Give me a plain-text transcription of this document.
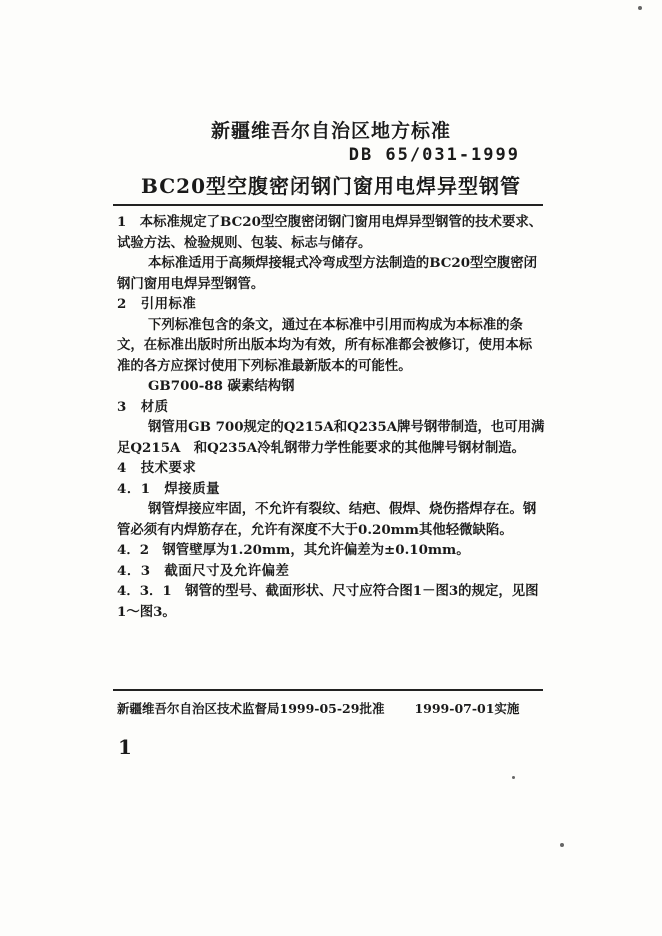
新疆维吾尔自治区地方标准
DB 65/031-1999
BC20型空腹密闭钢门窗用电焊异型钢管

1　本标准规定了BC20型空腹密闭钢门窗用电焊异型钢管的技术要求、试验方法、检验规则、包装、标志与储存。

本标准适用于高频焊接辊式冷弯成型方法制造的BC20型空腹密闭钢门窗用电焊异型钢管。

2　引用标准

下列标准包含的条文，通过在本标准中引用而构成为本标准的条文，在标准出版时所出版本均为有效，所有标准都会被修订，使用本标准的各方应探讨使用下列标准最新版本的可能性。

GB700-88 碳素结构钢

3　材质

钢管用GB 700规定的Q215A和Q235A牌号钢带制造，也可用满足Q215A　和Q235A冷轧钢带力学性能要求的其他牌号钢材制造。

4　技术要求

4．1　焊接质量

钢管焊接应牢固，不允许有裂纹、结疤、假焊、烧伤搭焊存在。钢管必须有内焊筋存在，允许有深度不大于0.20mm其他轻微缺陷。

4．2　钢管壁厚为1.20mm，其允许偏差为±0.10mm。

4．3　截面尺寸及允许偏差

4．3．1　钢管的型号、截面形状、尺寸应符合图1－图3的规定，见图1～图3。

新疆维吾尔自治区技术监督局1999-05-29批准 1999-07-01实施
1
